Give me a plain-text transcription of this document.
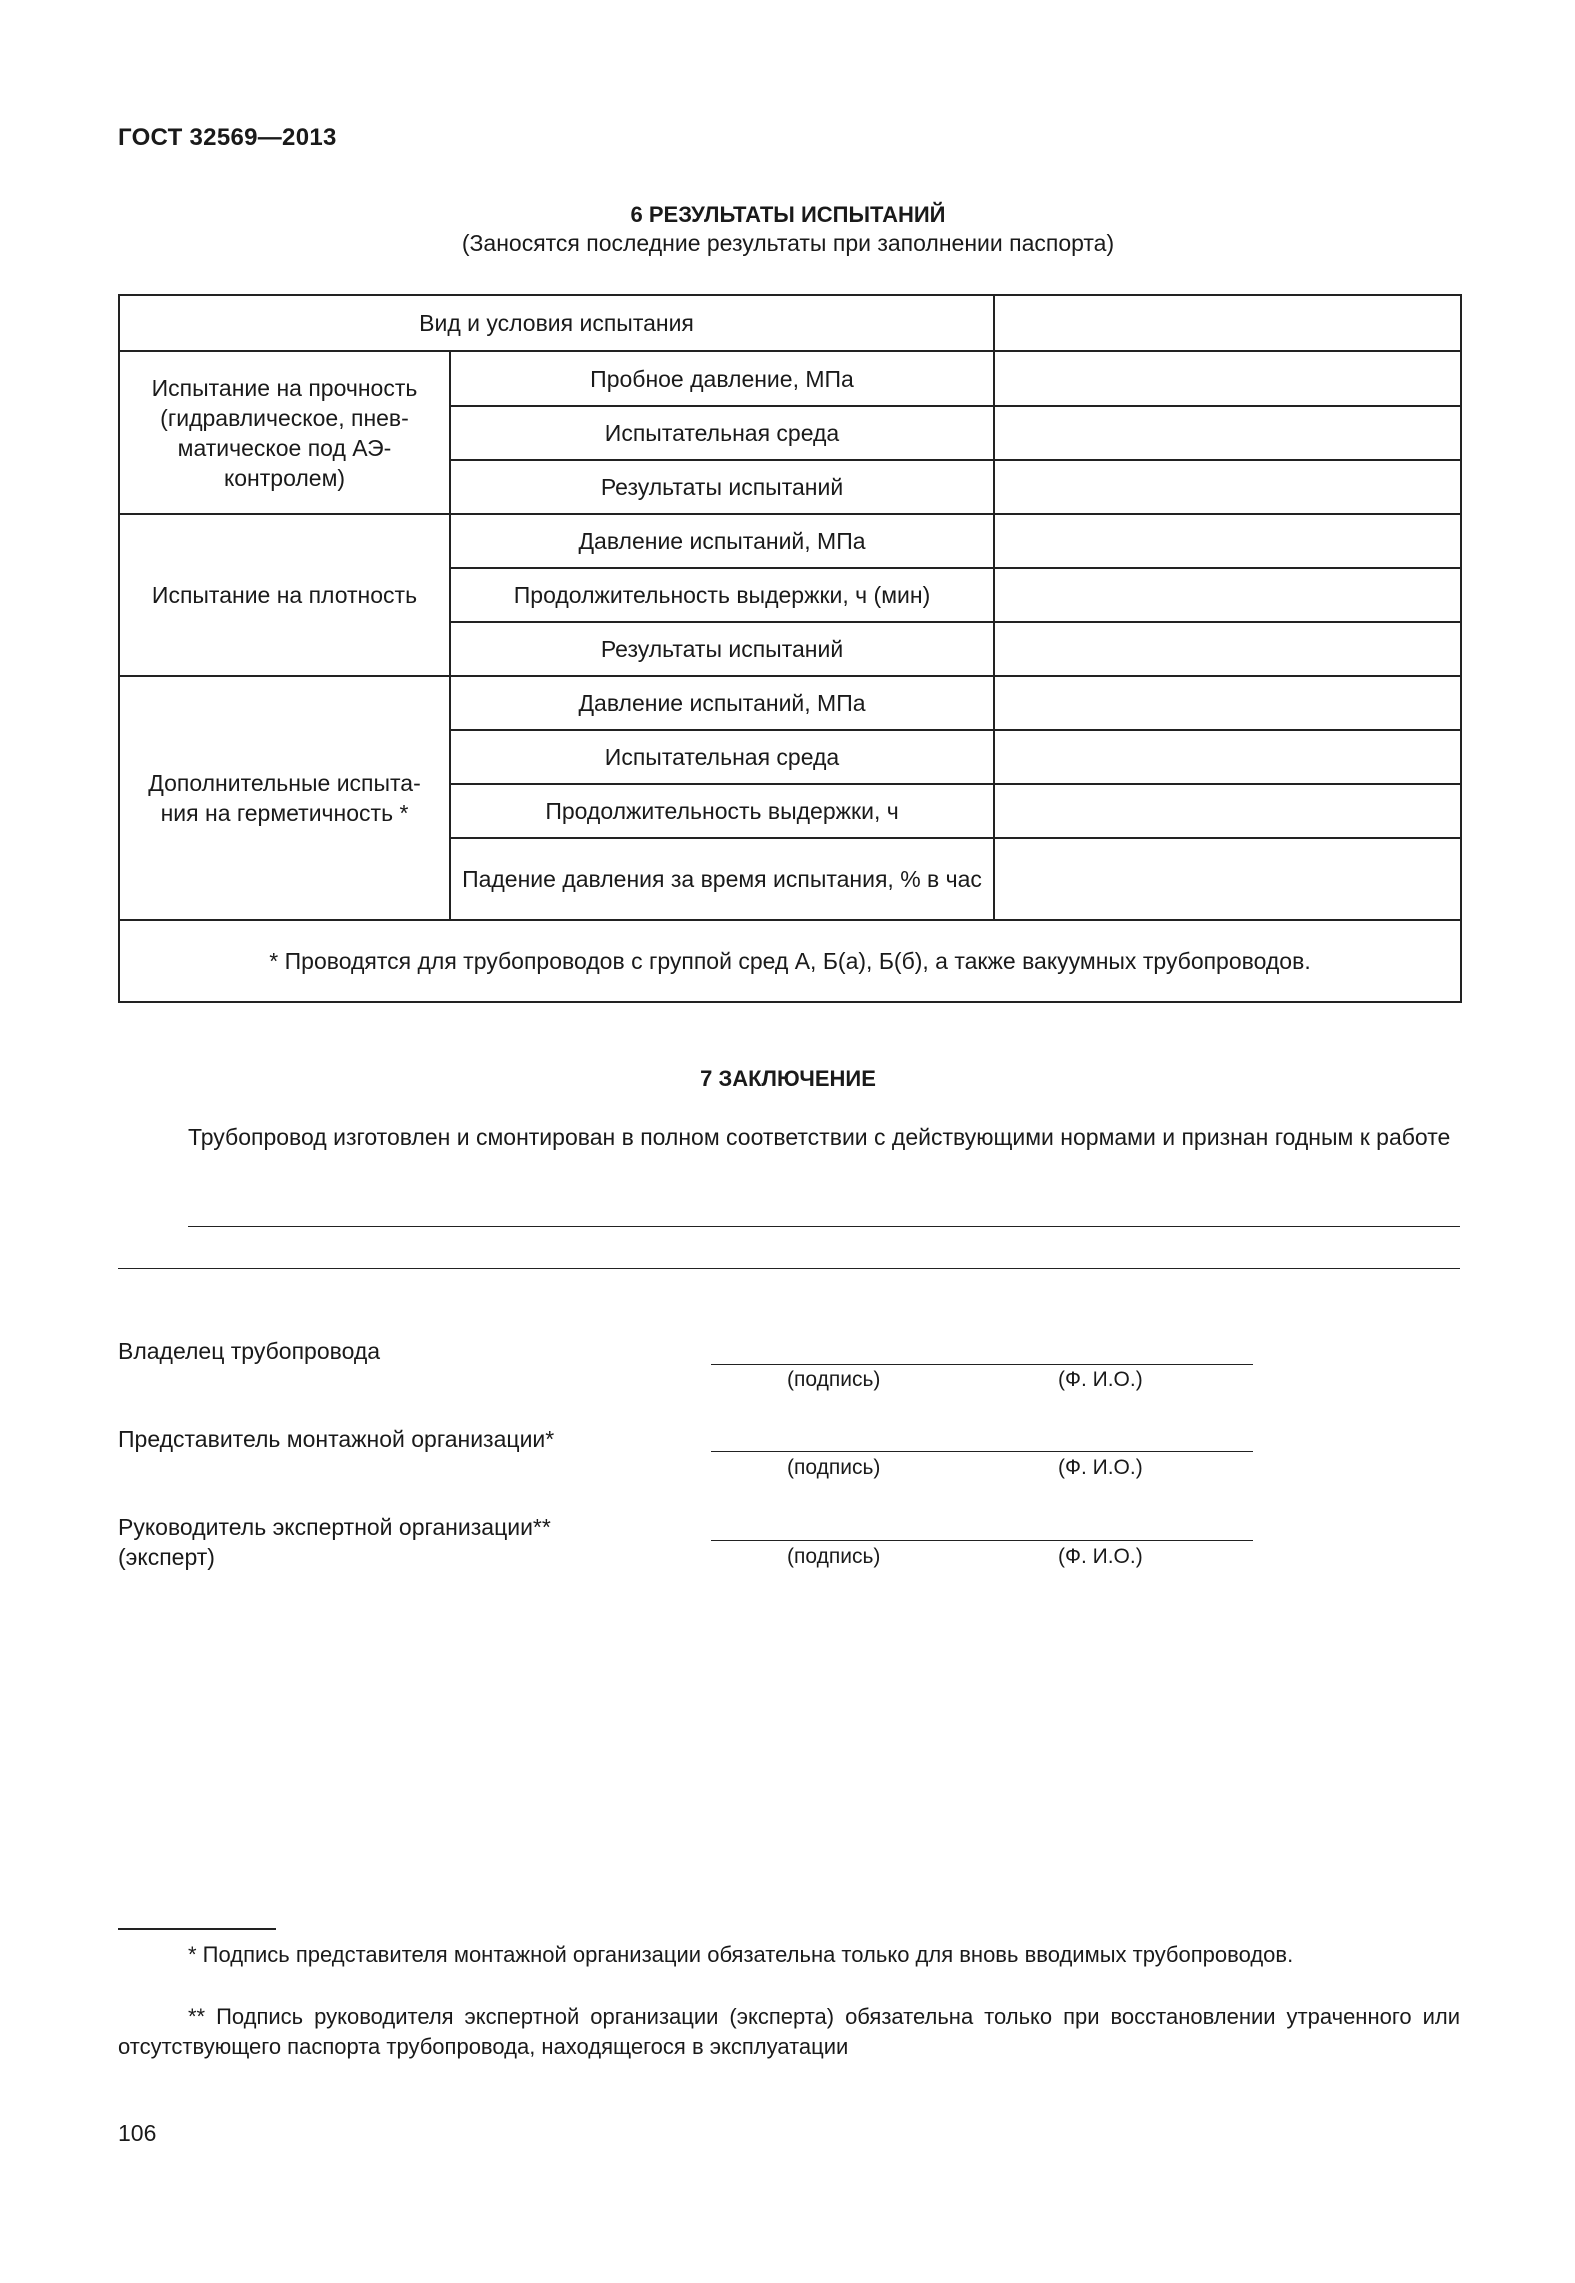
ГОСТ 32569—2013
6 РЕЗУЛЬТАТЫ ИСПЫТАНИЙ
(Заносятся последние результаты при заполнении паспорта)
Вид и условия испытания		
Испытание на прочность (гидравлическое, пнев-матическое под АЭ-контролем)	Пробное давление, МПа	
	Испытательная среда	
	Результаты испытаний	
Испытание на плотность	Давление испытаний, МПа	
	Продолжительность выдержки, ч (мин)	
	Результаты испытаний	
Дополнительные испыта-ния на герметичность *	Давление испытаний, МПа	
	Испытательная среда	
	Продолжительность выдержки, ч	
	Падение давления за время испытания, % в час	
* Проводятся для трубопроводов с группой сред А, Б(а), Б(б), а также вакуумных трубопроводов.		
7 ЗАКЛЮЧЕНИЕ
Трубопровод изготовлен и смонтирован в полном соответствии с действующими нормами и признан годным к работе
Владелец трубопровода
(подпись)	(Ф. И.О.)
Представитель монтажной организации*
(подпись)	(Ф. И.О.)
Руководитель экспертной организации** (эксперт)	(подпись)	(Ф. И.О.)
* Подпись представителя монтажной организации обязательна только для вновь вводимых трубопроводов.
** Подпись руководителя экспертной организации (эксперта) обязательна только при восстановлении утраченного или отсутствующего паспорта трубопровода, находящегося в эксплуатации
106
